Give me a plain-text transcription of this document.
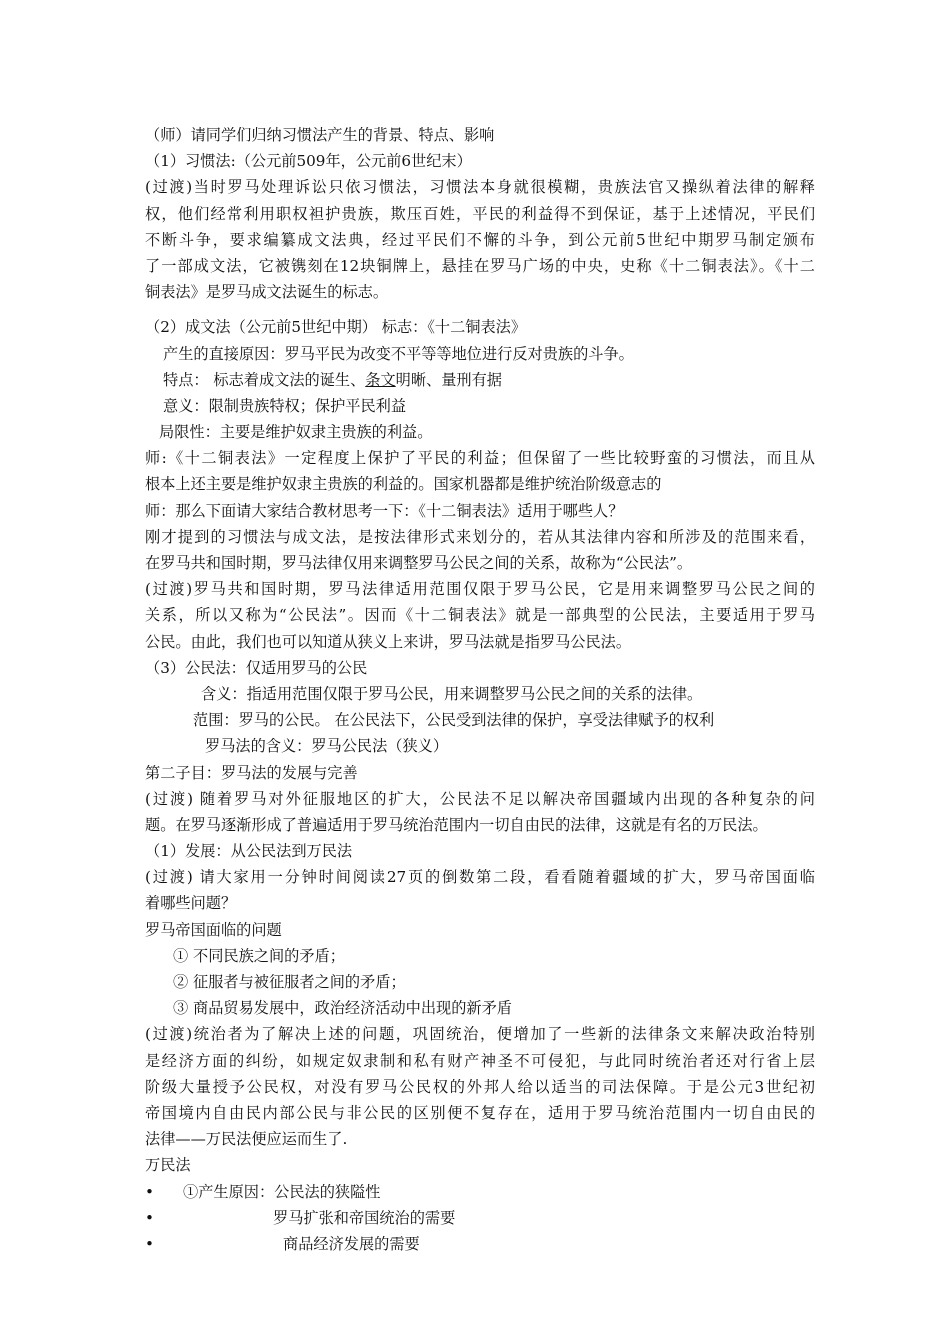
（师）请同学们归纳习惯法产生的背景、特点、影响
（1）习惯法:（公元前509年，公元前6世纪末）
(过渡)当时罗马处理诉讼只依习惯法，习惯法本身就很模糊，贵族法官又操纵着法律的解释
权，他们经常利用职权袒护贵族，欺压百姓，平民的利益得不到保证，基于上述情况，平民们
不断斗争，要求编纂成文法典，经过平民们不懈的斗争，到公元前5世纪中期罗马制定颁布
了一部成文法，它被镌刻在12块铜牌上，悬挂在罗马广场的中央，史称《十二铜表法》。《十二
铜表法》是罗马成文法诞生的标志。
（2）成文法（公元前5世纪中期） 标志：《十二铜表法》
产生的直接原因：罗马平民为改变不平等等地位进行反对贵族的斗争。
特点： 标志着成文法的诞生、条文明晰、量刑有据
意义：限制贵族特权；保护平民利益
局限性：主要是维护奴隶主贵族的利益。
师:《十二铜表法》一定程度上保护了平民的利益；但保留了一些比较野蛮的习惯法，而且从
根本上还主要是维护奴隶主贵族的利益的。国家机器都是维护统治阶级意志的
师：那么下面请大家结合教材思考一下：《十二铜表法》适用于哪些人？
刚才提到的习惯法与成文法，是按法律形式来划分的，若从其法律内容和所涉及的范围来看，
在罗马共和国时期，罗马法律仅用来调整罗马公民之间的关系，故称为“公民法”。
(过渡)罗马共和国时期，罗马法律适用范围仅限于罗马公民，它是用来调整罗马公民之间的
关系，所以又称为“公民法”。因而《十二铜表法》就是一部典型的公民法，主要适用于罗马
公民。由此，我们也可以知道从狭义上来讲，罗马法就是指罗马公民法。
（3）公民法：仅适用罗马的公民
含义：指适用范围仅限于罗马公民，用来调整罗马公民之间的关系的法律。
范围：罗马的公民。 在公民法下，公民受到法律的保护，享受法律赋予的权利
罗马法的含义：罗马公民法（狭义）
第二子目：罗马法的发展与完善
(过渡) 随着罗马对外征服地区的扩大，公民法不足以解决帝国疆域内出现的各种复杂的问
题。在罗马逐渐形成了普遍适用于罗马统治范围内一切自由民的法律，这就是有名的万民法。
（1）发展：从公民法到万民法
(过渡) 请大家用一分钟时间阅读27页的倒数第二段，看看随着疆域的扩大，罗马帝国面临
着哪些问题？
罗马帝国面临的问题
① 不同民族之间的矛盾；
② 征服者与被征服者之间的矛盾；
③ 商品贸易发展中，政治经济活动中出现的新矛盾
(过渡)统治者为了解决上述的问题，巩固统治，便增加了一些新的法律条文来解决政治特别
是经济方面的纠纷，如规定奴隶制和私有财产神圣不可侵犯，与此同时统治者还对行省上层
阶级大量授予公民权，对没有罗马公民权的外邦人给以适当的司法保障。于是公元3世纪初
帝国境内自由民内部公民与非公民的区别便不复存在，适用于罗马统治范围内一切自由民的
法律——万民法便应运而生了.
万民法
• ①产生原因：公民法的狭隘性
•	罗马扩张和帝国统治的需要
•	商品经济发展的需要
